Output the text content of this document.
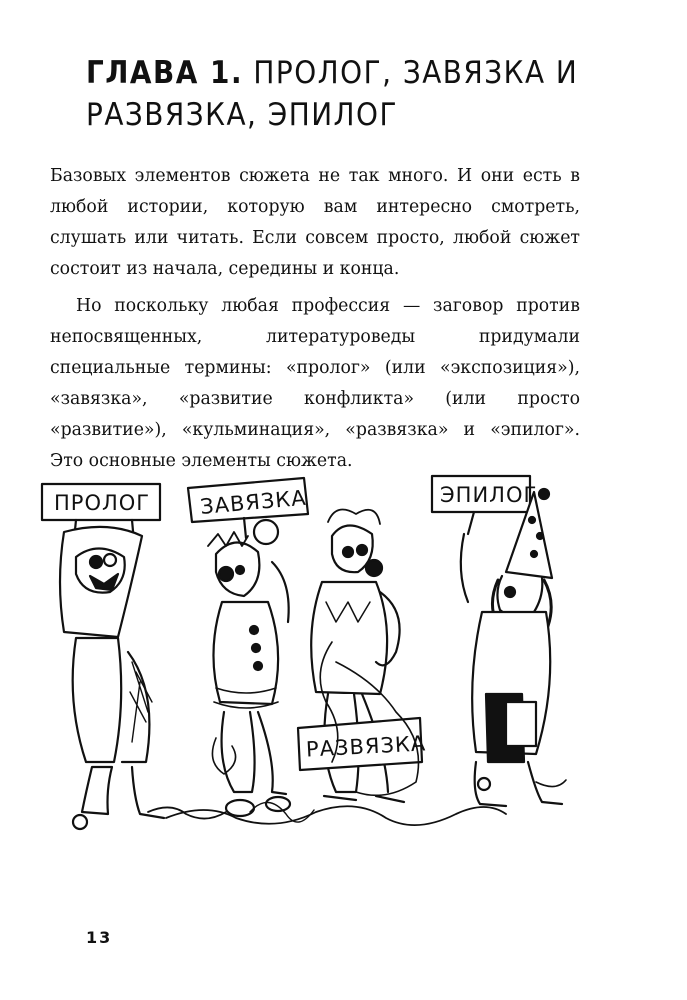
ГЛАВА 1. ПРОЛОГ, ЗАВЯЗКА И РАЗВЯЗКА, ЭПИЛОГ

Базовых элементов сюжета не так много. И они есть в любой истории, которую вам интересно смотреть, слушать или читать. Если совсем просто, любой сюжет состоит из начала, середины и конца.

Но поскольку любая профессия — заговор против непосвященных, литературоведы придумали специальные термины: «пролог» (или «экспозиция»), «завязка», «развитие конфликта» (или просто «развитие»), «кульминация», «развязка» и «эпилог». Это основные элементы сюжета.

ПРОЛОГ ЗАВЯЗКА
РАЗВЯЗКА
ЭПИЛОГ
13
